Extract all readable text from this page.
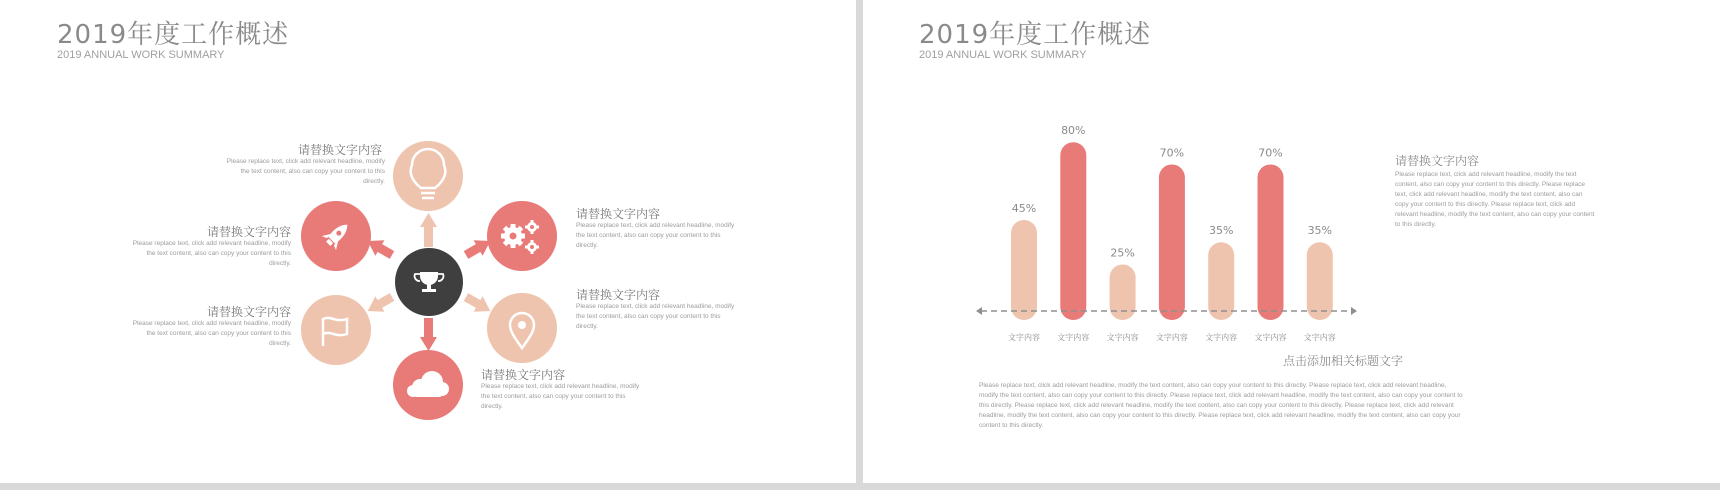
2019年度工作概述
2019 ANNUAL WORK SUMMARY
请替换文字内容
Please replace text, click add relevant headline, modify the text content, also can copy your content to this directly.
请替换文字内容
Please replace text, click add relevant headline, modify the text content, also can copy your content to this directly.
请替换文字内容
Please replace text, click add relevant headline, modify the text content, also can copy your content to this directly.
请替换文字内容
Please replace text, click add relevant headline, modify the text content, also can copy your content to this directly.
请替换文字内容
Please replace text, click add relevant headline, modify the text content, also can copy your content to this directly.
请替换文字内容
Please replace text, click add relevant headline, modify the text content, also can copy your content to this directly.
2019年度工作概述
2019 ANNUAL WORK SUMMARY
45%
文字内容
80%
文字内容
25%
文字内容
70%
文字内容
35%
文字内容
70%
文字内容
35%
文字内容
点击添加相关标题文字
请替换文字内容
Please replace text, click add relevant headline, modify the text content, also can copy your content to this directly. Please replace text, click add relevant headline, modify the text content, also can copy your content to this directly. Please replace text, click add relevant headline, modify the text content, also can copy your content to this directly.
Please replace text, click add relevant headline, modify the text content, also can copy your content to this directly. Please replace text, click add relevant headline, modify the text content, also can copy your content to this directly. Please replace text, click add relevant headline, modify the text content, also can copy your content to this directly. Please replace text, click add relevant headline, modify the text content, also can copy your content to this directly. Please replace text, click add relevant headline, modify the text content, also can copy your content to this directly. Please replace text, click add relevant headline, modify the text content, also can copy your content to this directly.
